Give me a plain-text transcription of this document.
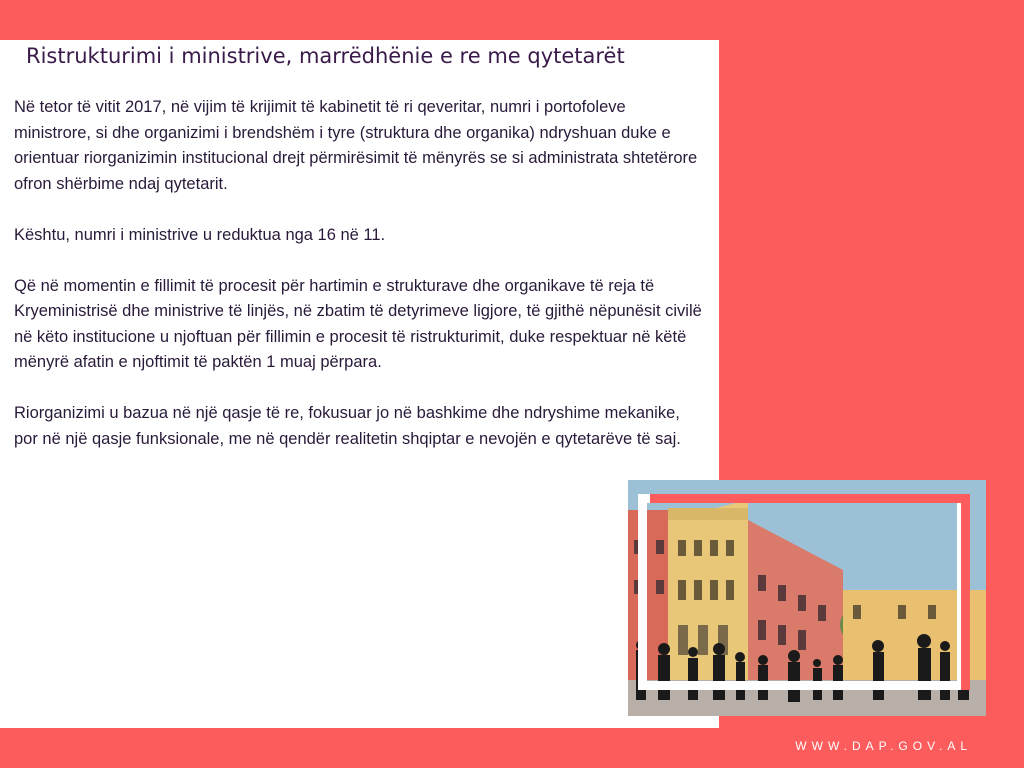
Ristrukturimi i ministrive, marrëdhënie e re me qytetarët

Në tetor të vitit 2017, në vijim të krijimit të kabinetit të ri qeveritar, numri i portofoleve ministrore, si dhe organizimi i brendshëm i tyre (struktura dhe organika) ndryshuan duke e orientuar riorganizimin institucional drejt përmirësimit të mënyrës se si administrata shtetërore ofron shërbime ndaj qytetarit.

Kështu, numri i ministrive u reduktua nga 16 në 11.

Që në momentin e fillimit të procesit për hartimin e strukturave dhe organikave të reja të Kryeministrisë dhe ministrive të linjës, në zbatim të detyrimeve ligjore, të gjithë nëpunësit civilë në këto institucione u njoftuan për fillimin e procesit të ristrukturimit, duke respektuar në këtë mënyrë afatin e njoftimit të paktën 1 muaj përpara.

Riorganizimi u bazua në një qasje të re, fokusuar jo në bashkime dhe ndryshime mekanike, por në një qasje funksionale, me në qendër realitetin shqiptar e nevojën e qytetarëve të saj.

WWW.DAP.GOV.AL
